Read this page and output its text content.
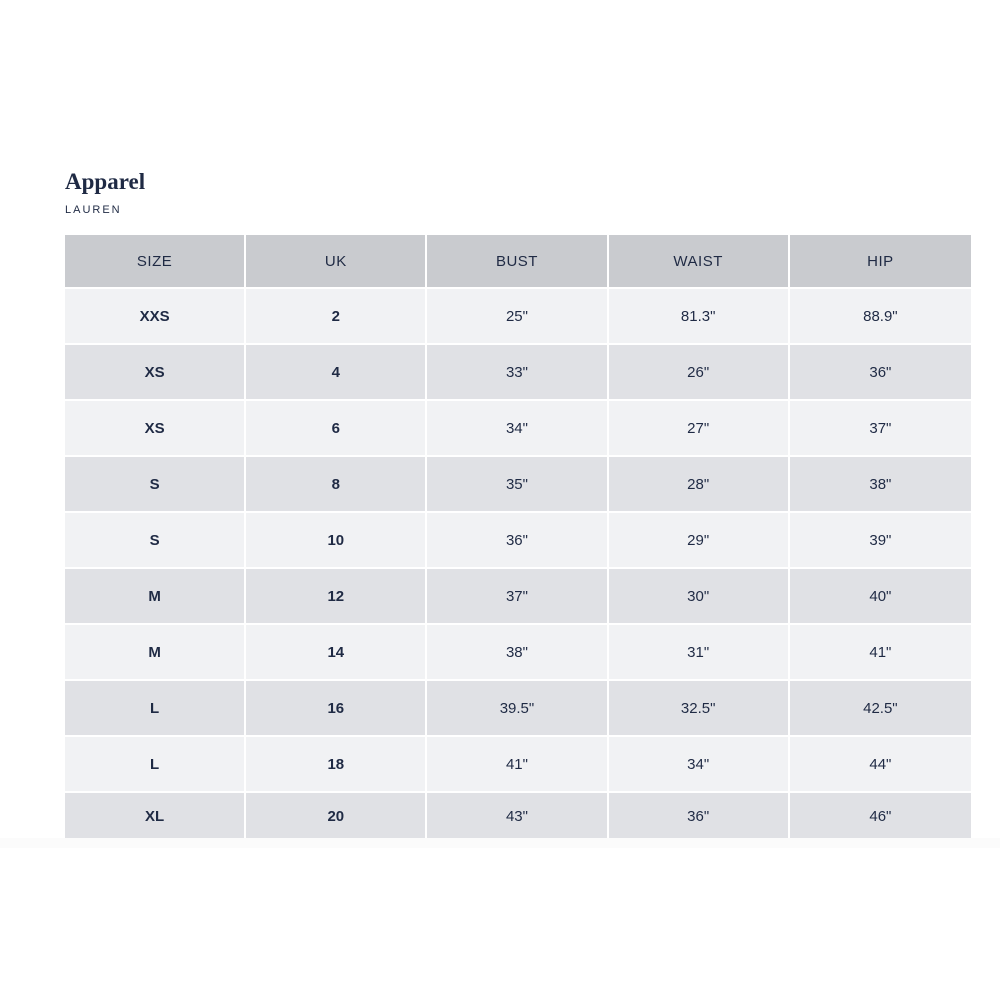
Apparel
LAUREN
SIZE	UK	BUST	WAIST	HIP
XXS	2	25"	81.3"	88.9"
XS	4	33"	26"	36"
XS	6	34"	27"	37"
S	8	35"	28"	38"
S	10	36"	29"	39"
M	12	37"	30"	40"
M	14	38"	31"	41"
L	16	39.5"	32.5"	42.5"
L	18	41"	34"	44"
XL	20	43"	36"	46"
